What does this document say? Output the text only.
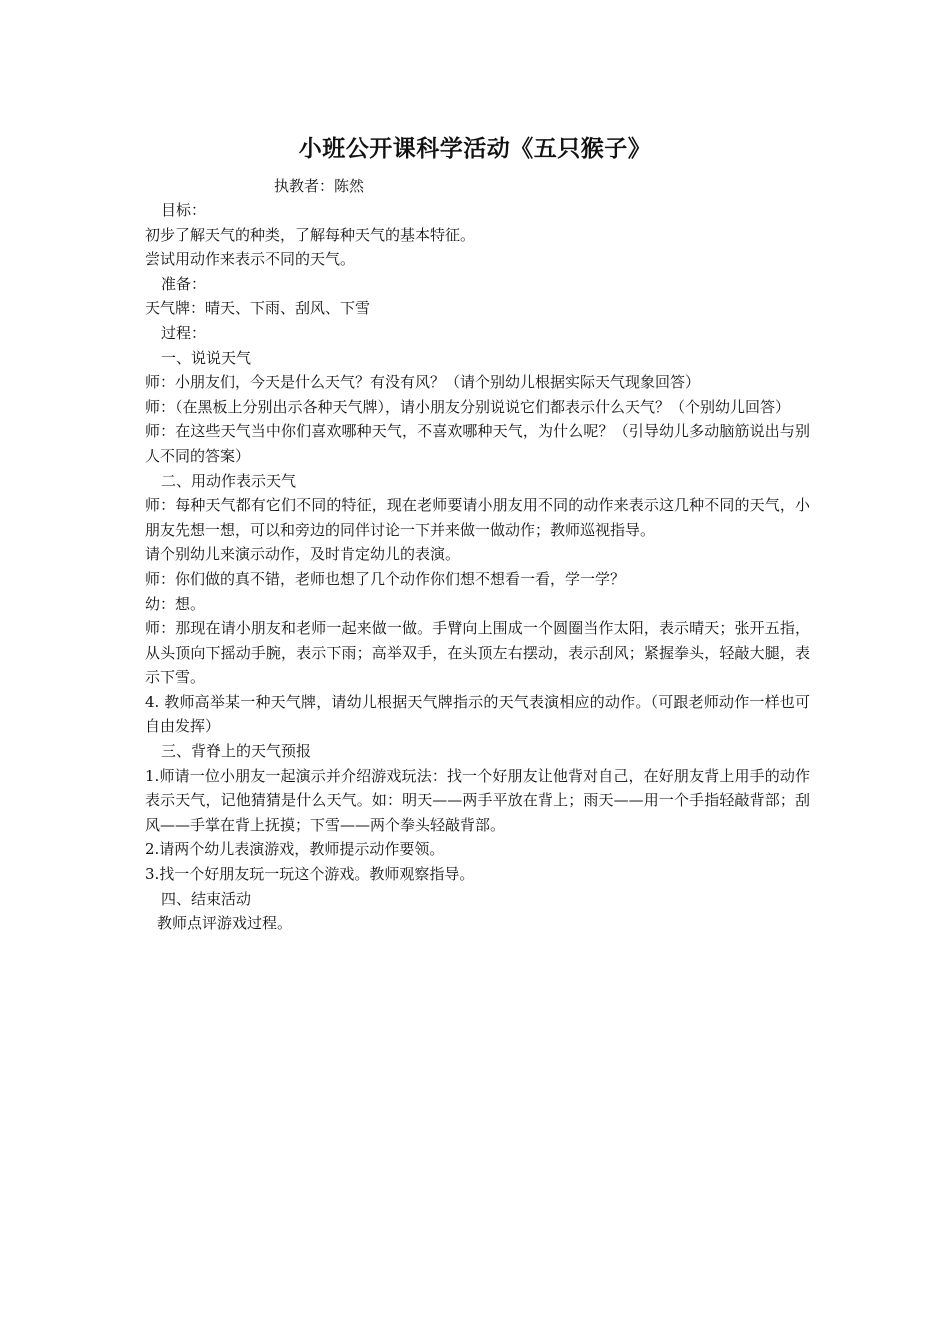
小班公开课科学活动《五只猴子》
执教者：陈然

目标：

初步了解天气的种类，了解每种天气的基本特征。

尝试用动作来表示不同的天气。

准备：

天气牌：晴天、下雨、刮风、下雪

过程：

一、说说天气

师：小朋友们，今天是什么天气？有没有风？（请个别幼儿根据实际天气现象回答）

师：（在黑板上分别出示各种天气牌），请小朋友分别说说它们都表示什么天气？（个别幼儿回答）

师：在这些天气当中你们喜欢哪种天气，不喜欢哪种天气，为什么呢？（引导幼儿多动脑筋说出与别人不同的答案）

二、用动作表示天气

师：每种天气都有它们不同的特征，现在老师要请小朋友用不同的动作来表示这几种不同的天气，小朋友先想一想，可以和旁边的同伴讨论一下并来做一做动作；教师巡视指导。

请个别幼儿来演示动作，及时肯定幼儿的表演。

师：你们做的真不错，老师也想了几个动作你们想不想看一看，学一学？

幼：想。

师：那现在请小朋友和老师一起来做一做。手臂向上围成一个圆圈当作太阳，表示晴天；张开五指，从头顶向下摇动手腕，表示下雨；高举双手，在头顶左右摆动，表示刮风；紧握拳头，轻敲大腿，表示下雪。

4. 教师高举某一种天气牌，请幼儿根据天气牌指示的天气表演相应的动作。（可跟老师动作一样也可自由发挥）

三、背脊上的天气预报

1.师请一位小朋友一起演示并介绍游戏玩法：找一个好朋友让他背对自己，在好朋友背上用手的动作表示天气，记他猜猜是什么天气。如：明天——两手平放在背上；雨天——用一个手指轻敲背部；刮风——手掌在背上抚摸；下雪——两个拳头轻敲背部。

2.请两个幼儿表演游戏，教师提示动作要领。

3.找一个好朋友玩一玩这个游戏。教师观察指导。

四、结束活动

教师点评游戏过程。
